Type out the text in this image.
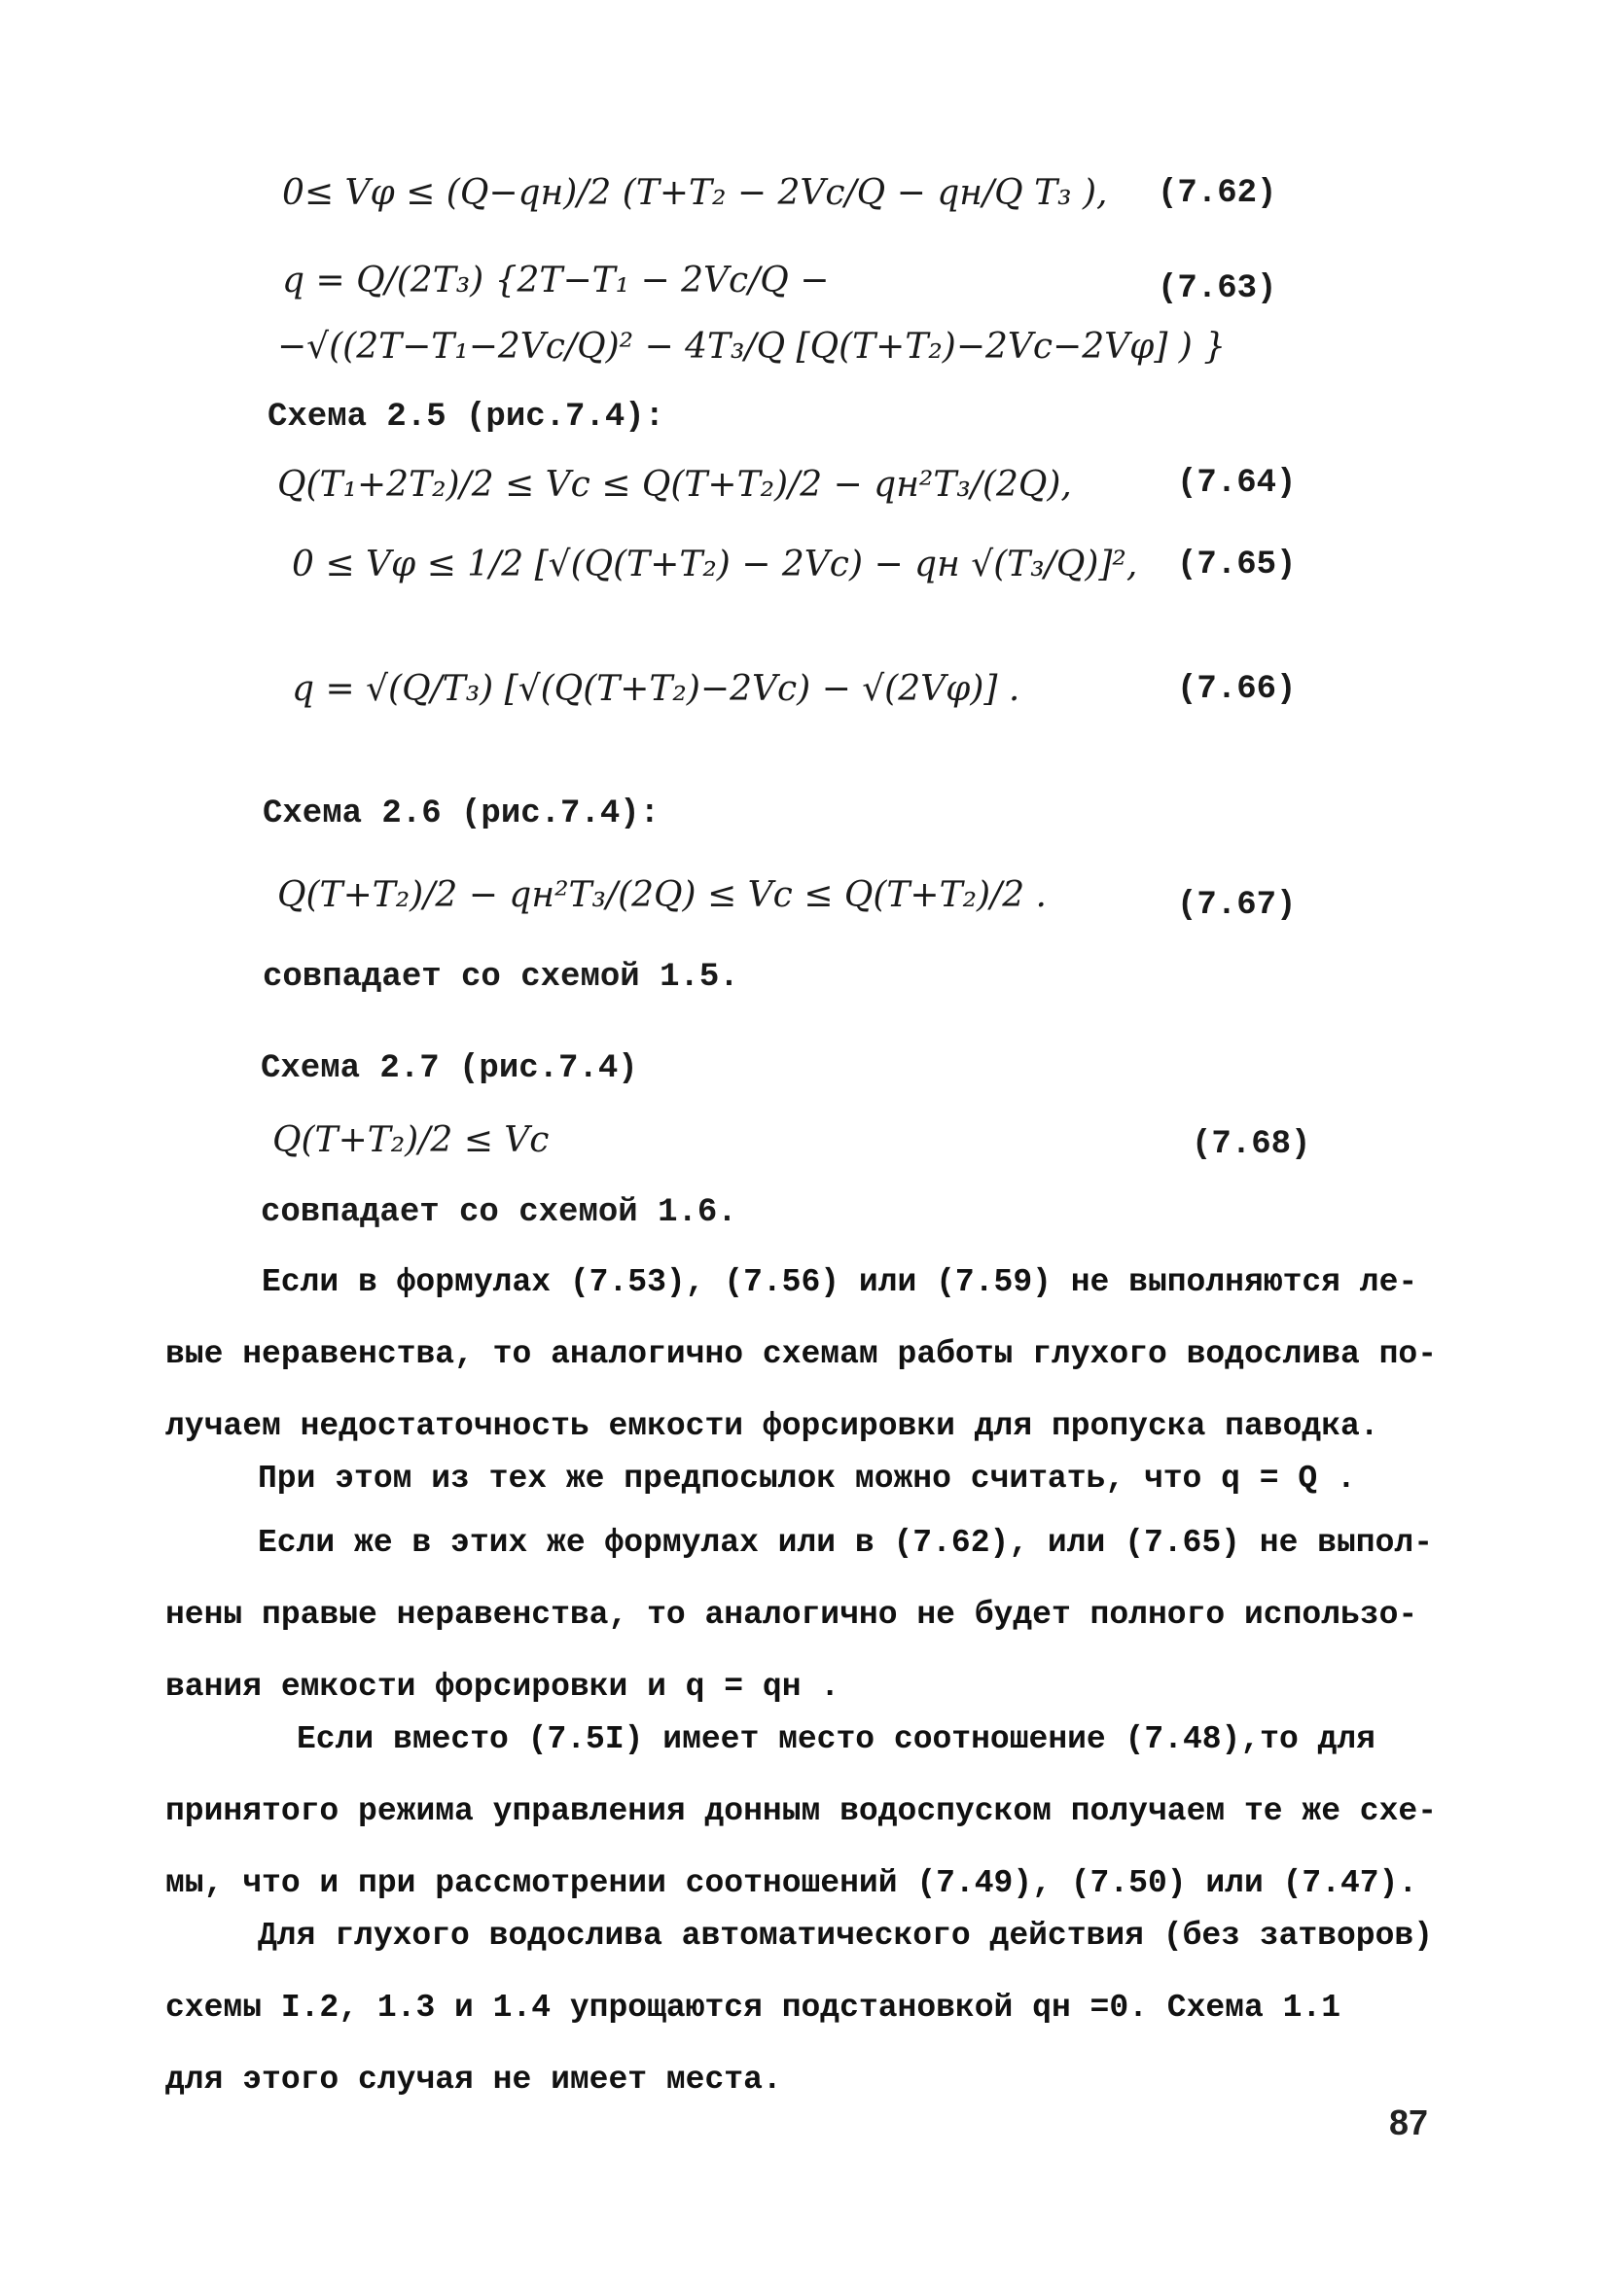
0≤ Vφ ≤ (Q−qн)/2 (T+T₂ − 2Vc/Q − qн/Q T₃ ), (7.62)
q = Q/(2T₃) {2T−T₁ − 2Vc/Q −	(7.63)
−√((2T−T₁−2Vc/Q)² − 4T₃/Q [Q(T+T₂)−2Vc−2Vφ] ) }
Схема 2.5 (рис.7.4):
Q(T₁+2T₂)/2 ≤ Vc ≤ Q(T+T₂)/2 − qн²T₃/(2Q),	(7.64)
0 ≤ Vφ ≤ 1/2 [√(Q(T+T₂) − 2Vc) − qн √(T₃/Q)]², (7.65)
q = √(Q/T₃) [√(Q(T+T₂)−2Vc) − √(2Vφ)] .	(7.66)
Схема 2.6 (рис.7.4):
Q(T+T₂)/2 − qн²T₃/(2Q) ≤ Vc ≤ Q(T+T₂)/2 .	(7.67)
совпадает со схемой 1.5.
Схема 2.7 (рис.7.4)
Q(T+T₂)/2 ≤ Vc	(7.68)
совпадает со схемой 1.6.
Если в формулах (7.53), (7.56) или (7.59) не выполняются ле-
вые неравенства, то аналогично схемам работы глухого водослива по-
лучаем недостаточность емкости форсировки для пропуска паводка.
При этом из тех же предпосылок можно считать, что q = Q .
Если же в этих же формулах или в (7.62), или (7.65) не выпол-
нены правые неравенства, то аналогично не будет полного использо-
вания емкости форсировки и q = qн .
Если вместо (7.5I) имеет место соотношение (7.48),то для
принятого режима управления донным водоспуском получаем те же схе-
мы, что и при рассмотрении соотношений (7.49), (7.50) или (7.47).
Для глухого водослива автоматического действия (без затворов)
схемы I.2, 1.3 и 1.4 упрощаются подстановкой qн =0. Схема 1.1
для этого случая не имеет места.
87
